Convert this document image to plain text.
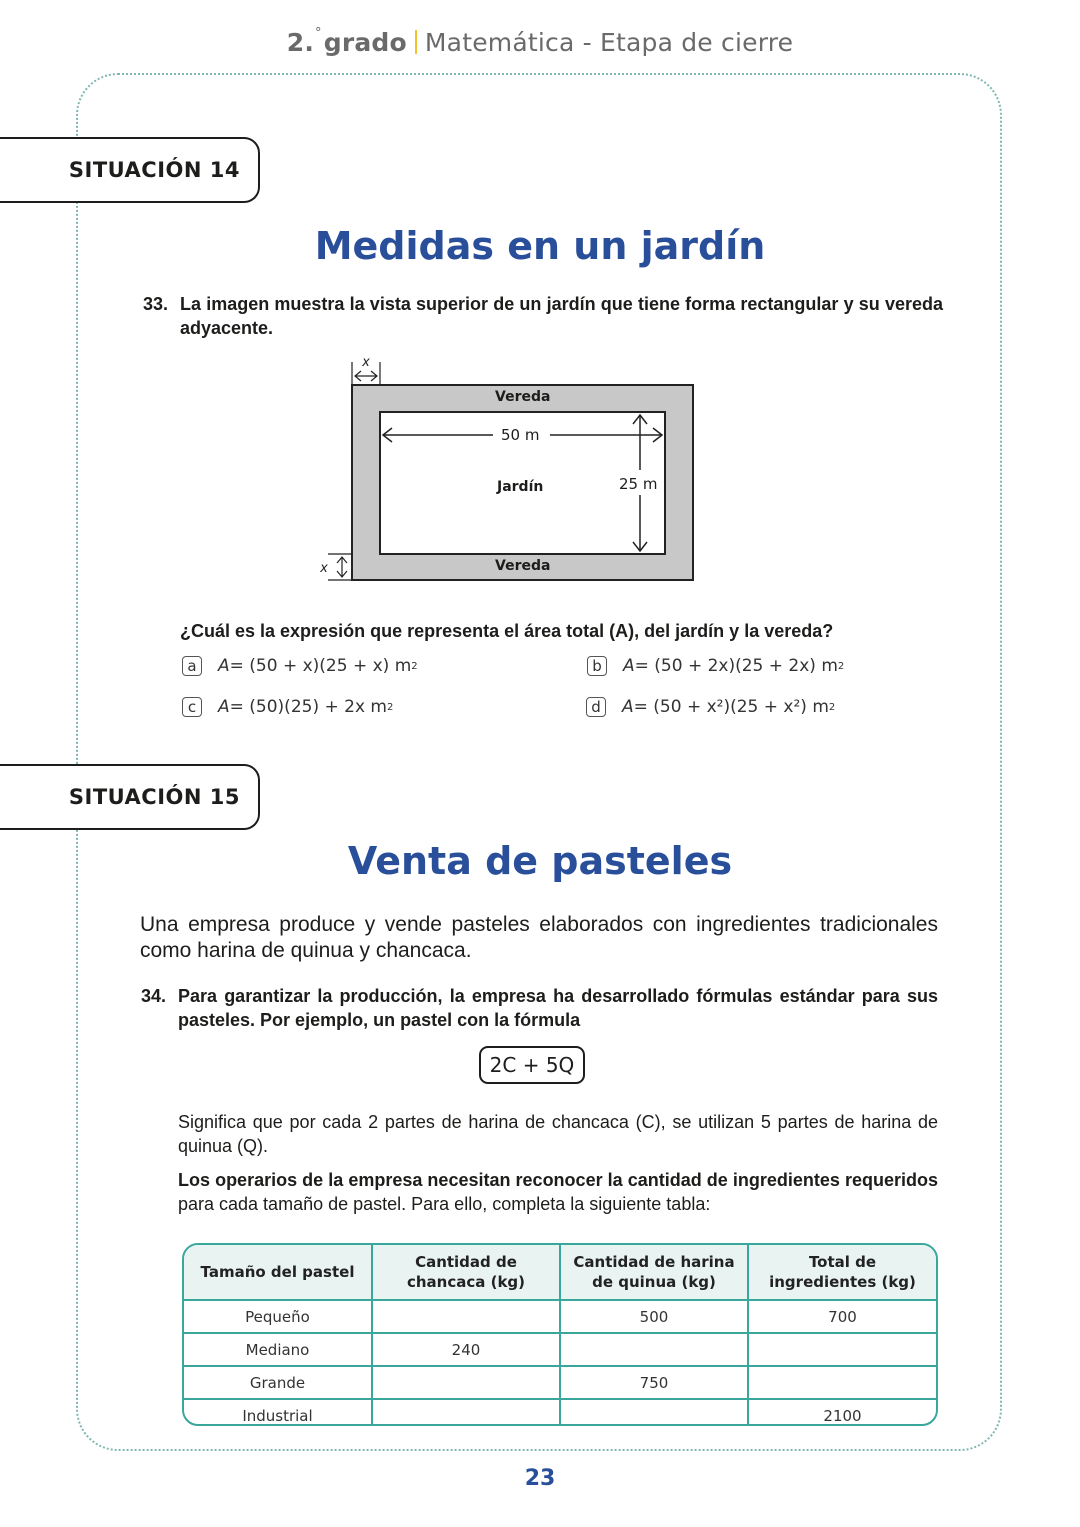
2.°grado Matemática - Etapa de cierre
SITUACIÓN 14
Medidas en un jardín
33. La imagen muestra la vista superior de un jardín que tiene forma rectangular y su vereda adyacente.
x
x
Vereda
50 m
Jardín	25 m
Vereda
¿Cuál es la expresión que representa el área total (A), del jardín y la vereda?
a	A = (50 + x)(25 + x) m 2	b	A = (50 + 2x)(25 + 2x) m 2
c	A = (50)(25) + 2x m 2	d	A = (50 + x²)(25 + x²) m 2
SITUACIÓN 15
Venta de pasteles
Una empresa produce y vende pasteles elaborados con ingredientes tradicionales como harina de quinua y chancaca.
34. Para garantizar la producción, la empresa ha desarrollado fórmulas estándar para sus pasteles. Por ejemplo, un pastel con la fórmula
2C + 5Q
Significa que por cada 2 partes de harina de chancaca (C), se utilizan 5 partes de harina de quinua (Q).
Los operarios de la empresa necesitan reconocer la cantidad de ingredientes requeridos para cada tamaño de pastel. Para ello, completa la siguiente tabla:
Tamaño del pastel	Cantidad de chancaca (kg)	Cantidad de harina de quinua (kg)	Total de ingredientes (kg)
Pequeño		500	700
Mediano	240		
Grande		750	
Industrial			2100
23
